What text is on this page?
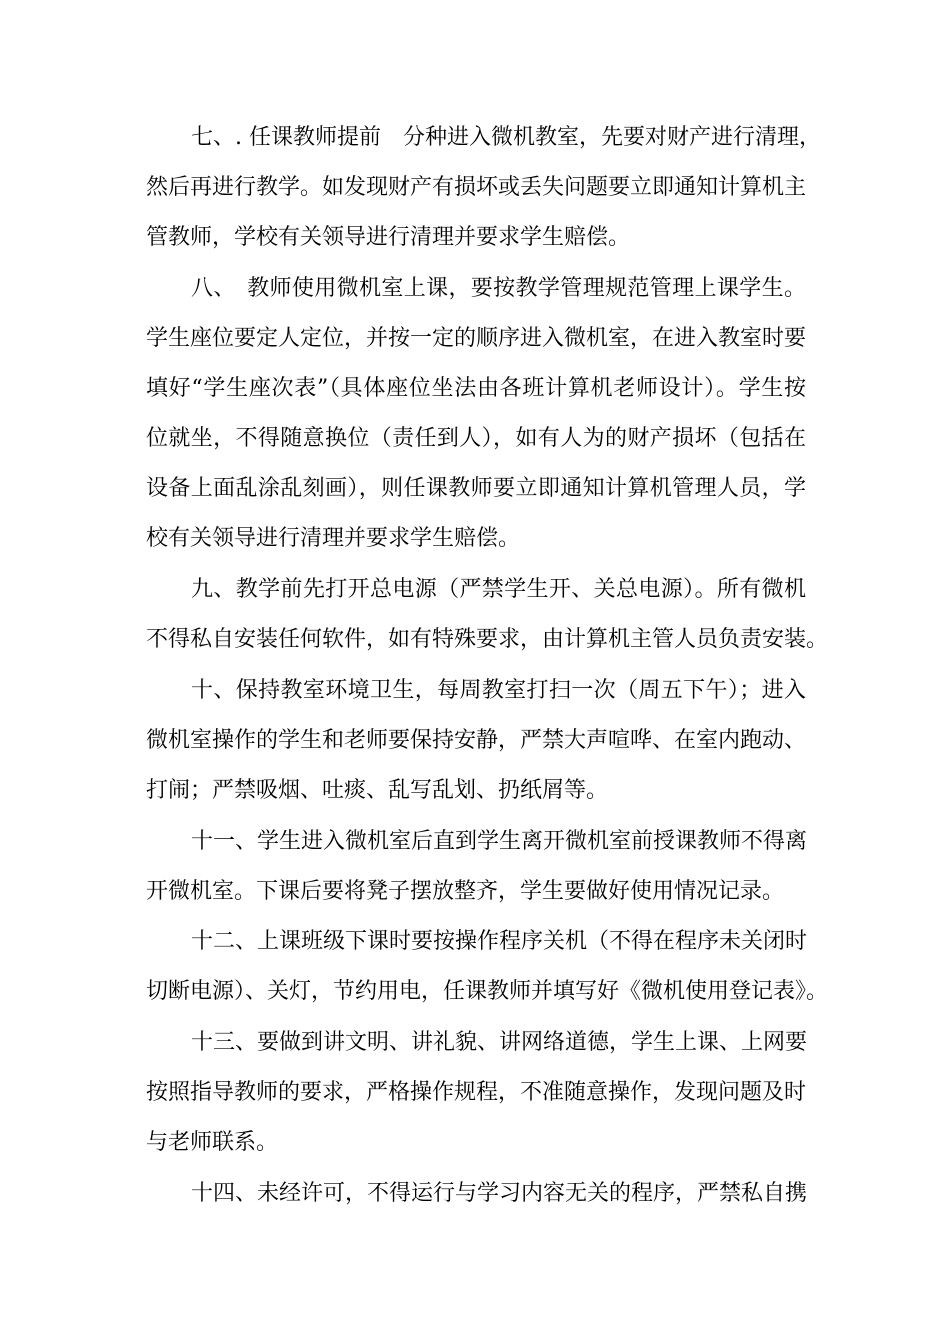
七、. 任课教师提前　分种进入微机教室，先要对财产进行清理，
然后再进行教学。如发现财产有损坏或丢失问题要立即通知计算机主
管教师，学校有关领导进行清理并要求学生赔偿。
八、　教师使用微机室上课，要按教学管理规范管理上课学生。
学生座位要定人定位，并按一定的顺序进入微机室，在进入教室时要
填好“学生座次表”（具体座位坐法由各班计算机老师设计）。学生按
位就坐，不得随意换位（责任到人），如有人为的财产损坏（包括在
设备上面乱涂乱刻画），则任课教师要立即通知计算机管理人员，学
校有关领导进行清理并要求学生赔偿。
九、教学前先打开总电源（严禁学生开、关总电源）。所有微机
不得私自安装任何软件，如有特殊要求，由计算机主管人员负责安装。
十、保持教室环境卫生，每周教室打扫一次（周五下午）；进入
微机室操作的学生和老师要保持安静，严禁大声喧哗、在室内跑动、
打闹；严禁吸烟、吐痰、乱写乱划、扔纸屑等。
十一、学生进入微机室后直到学生离开微机室前授课教师不得离
开微机室。下课后要将凳子摆放整齐，学生要做好使用情况记录。
十二、上课班级下课时要按操作程序关机（不得在程序未关闭时
切断电源）、关灯，节约用电，任课教师并填写好《微机使用登记表》。
十三、要做到讲文明、讲礼貌、讲网络道德，学生上课、上网要
按照指导教师的要求，严格操作规程，不准随意操作，发现问题及时
与老师联系。
十四、未经许可，不得运行与学习内容无关的程序，严禁私自携
